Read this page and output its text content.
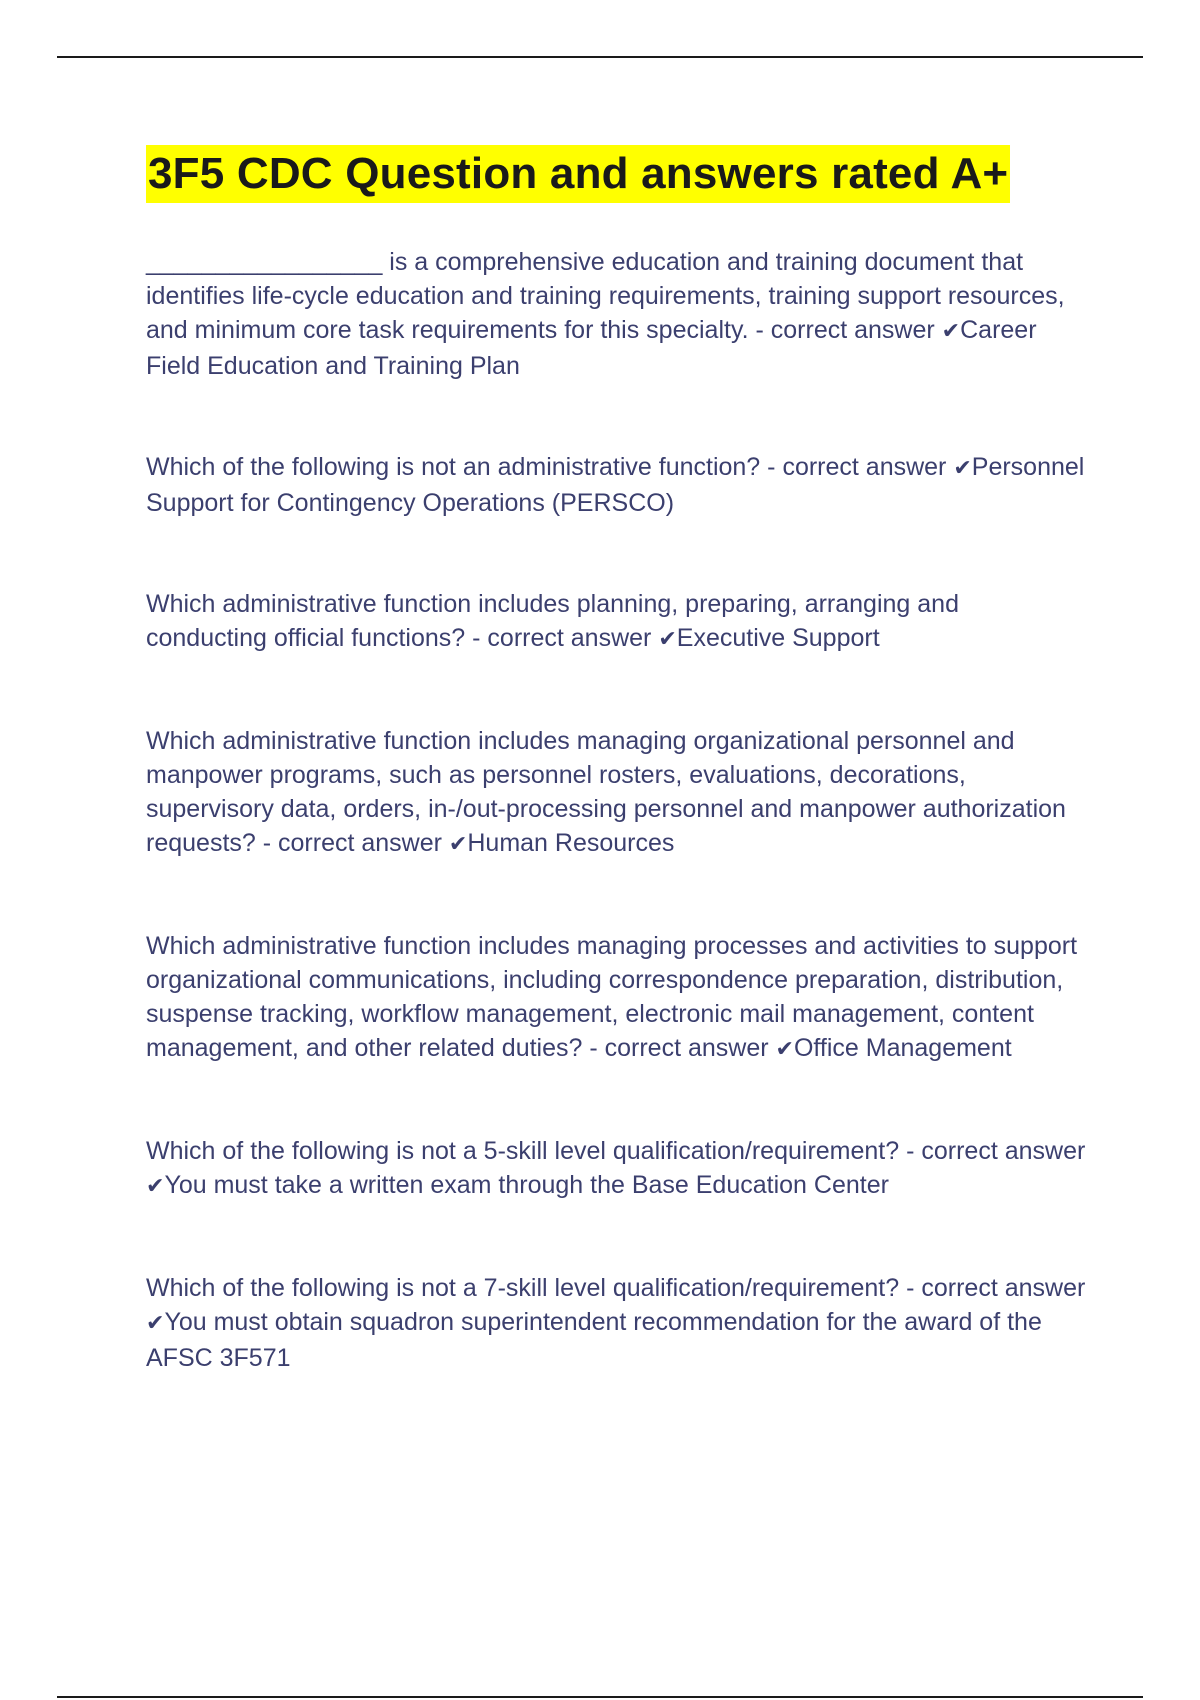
3F5 CDC Question and answers rated A+
_________________ is a comprehensive education and training document that identifies life-cycle education and training requirements, training support resources, and minimum core task requirements for this specialty. - correct answer ✔Career Field Education and Training Plan
Which of the following is not an administrative function? - correct answer ✔Personnel Support for Contingency Operations (PERSCO)
Which administrative function includes planning, preparing, arranging and conducting official functions? - correct answer ✔Executive Support
Which administrative function includes managing organizational personnel and manpower programs, such as personnel rosters, evaluations, decorations, supervisory data, orders, in-/out-processing personnel and manpower authorization requests? - correct answer ✔Human Resources
Which administrative function includes managing processes and activities to support organizational communications, including correspondence preparation, distribution, suspense tracking, workflow management, electronic mail management, content management, and other related duties? - correct answer ✔Office Management
Which of the following is not a 5-skill level qualification/requirement? - correct answer ✔You must take a written exam through the Base Education Center
Which of the following is not a 7-skill level qualification/requirement? - correct answer ✔You must obtain squadron superintendent recommendation for the award of the AFSC 3F571
